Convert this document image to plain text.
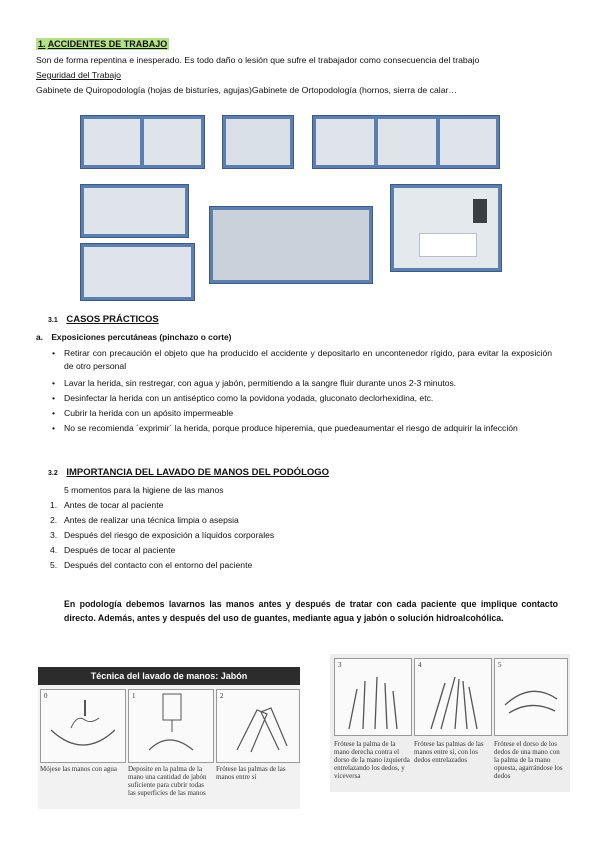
1. ACCIDENTES DE TRABAJO
Son de forma repentina e inesperado. Es todo daño o lesión que sufre el trabajador como consecuencia del trabajo
Seguridad del Trabajo
Gabinete de Quiropodología (hojas de bisturíes, agujas)Gabinete de Ortopodología (hornos, sierra de calar…
3.1 CASOS PRÁCTICOS
a. Exposiciones percutáneas (pinchazo o corte)
• Retirar con precaución el objeto que ha producido el accidente y depositarlo en uncontenedor rígido, para evitar la exposición de otro personal
• Lavar la herida, sin restregar, con agua y jabón, permitiendo a la sangre fluir durante unos 2-3 minutos.
• Desinfectar la herida con un antiséptico como la povidona yodada, gluconato declorhexidina, etc.
• Cubrir la herida con un apósito impermeable
• No se recomienda ´exprimir´ la herida, porque produce hiperemia, que puedeaumentar el riesgo de adquirir la infección
3.2 IMPORTANCIA DEL LAVADO DE MANOS DEL PODÓLOGO
5 momentos para la higiene de las manos
1. Antes de tocar al paciente
2. Antes de realizar una técnica limpia o asepsia
3. Después del riesgo de exposición a líquidos corporales
4. Después de tocar al paciente
5. Después del contacto con el entorno del paciente
En podología debemos lavarnos las manos antes y después de tratar con cada paciente que implique contacto directo. Además, antes y después del uso de guantes, mediante agua y jabón o solución hidroalcohólica.
Técnica del lavado de manos: Jabón
0
Mójese las manos con agua
1
Deposite en la palma de la mano una cantidad de jabón suficiente para cubrir todas las superficies de las manos
2
Frótese las palmas de las manos entre sí
3
Frótese la palma de la mano derecha contra el dorso de la mano izquierda entrelazando los dedos, y viceversa
4
Frótese las palmas de las manos entre sí, con los dedos entrelazados
5
Frótese el dorso de los dedos de una mano con la palma de la mano opuesta, agarrándose los dedos
